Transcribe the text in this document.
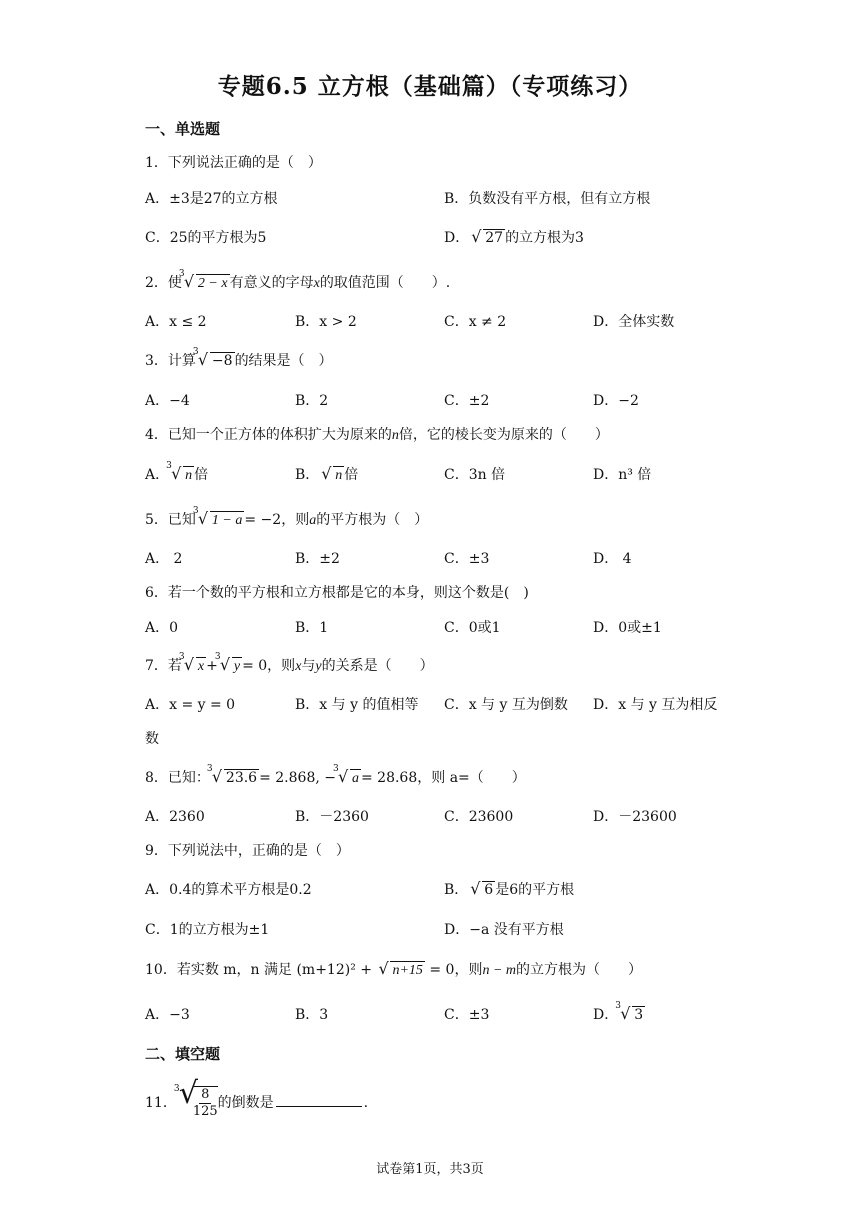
专题6.5 立方根（基础篇）（专项练习）
一、单选题
1．下列说法正确的是（　）
A．±3是27的立方根	B．负数没有平方根，但有立方根
C．25的平方根为5	D． √ 27 的立方根为3
2．使
3 √ 2 − x 有意义的字母x的取值范围（　　）.
A．x ≤ 2	B．x > 2	C．x ≠ 2	D．全体实数
3．计算
3 √ −8 的结果是（　）
A．−4	B．2	C．±2	D．−2
4．已知一个正方体的体积扩大为原来的n倍，它的棱长变为原来的（　　）
A．
3 √ n 倍	B． √ n 倍	C．3n 倍	D．n³ 倍
5．已知
3 √ 1 − a = −2，则a的平方根为（　）
A． 2	B．±2	C．±3	D． 4
6．若一个数的平方根和立方根都是它的本身，则这个数是(　)
A．0	B．1	C．0或1	D．0或±1
7．若
3 √ x +
3 √ y = 0，则x与y的关系是（　　）
A．x = y = 0	B．x 与 y 的值相等 C．x 与 y 互为倒数 D．x 与 y 互为相反
数
8．已知：
3 √ 23.6 = 2.868, −
3 √ a = 28.68，则 a=（　　）
A．2360	B．－2360	C．23600	D．－23600
9．下列说法中，正确的是（　）
A．0.4的算术平方根是0.2	B． √ 6 是6的平方根
C．1的立方根为±1	D．−a 没有平方根
10．若实数 m，n 满足 (m+12)² + √ n+15 = 0，则n − m的立方根为（　　）
A．−3	B．3	C．±3	D．
3 √ 3
二、填空题
11．
3 √
$\frac{8}{125}$ 的倒数是	.
试卷第1页，共3页
